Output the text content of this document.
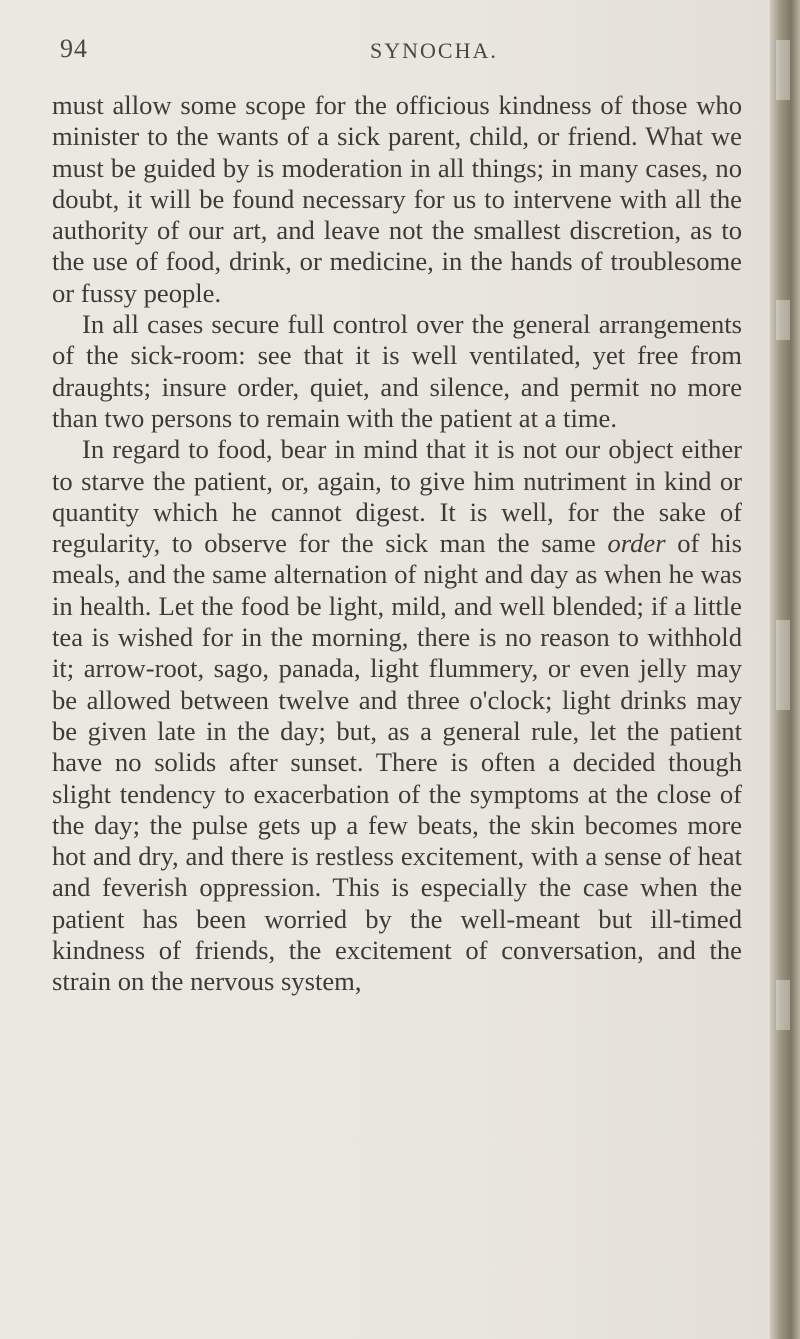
94	SYNOCHA.

must allow some scope for the officious kindness of those who minister to the wants of a sick parent, child, or friend. What we must be guided by is moderation in all things; in many cases, no doubt, it will be found necessary for us to intervene with all the authority of our art, and leave not the smallest discretion, as to the use of food, drink, or medicine, in the hands of troublesome or fussy people.

In all cases secure full control over the general arrangements of the sick-room: see that it is well ventilated, yet free from draughts; insure order, quiet, and silence, and permit no more than two persons to remain with the patient at a time.

In regard to food, bear in mind that it is not our object either to starve the patient, or, again, to give him nutriment in kind or quantity which he cannot digest. It is well, for the sake of regularity, to observe for the sick man the same order of his meals, and the same alternation of night and day as when he was in health. Let the food be light, mild, and well blended; if a little tea is wished for in the morning, there is no reason to withhold it; arrow-root, sago, panada, light flummery, or even jelly may be allowed between twelve and three o'clock; light drinks may be given late in the day; but, as a general rule, let the patient have no solids after sunset. There is often a decided though slight tendency to exacerbation of the symptoms at the close of the day; the pulse gets up a few beats, the skin becomes more hot and dry, and there is restless excitement, with a sense of heat and feverish oppression. This is especially the case when the patient has been worried by the well-meant but ill-timed kindness of friends, the excitement of conversation, and the strain on the nervous system,
